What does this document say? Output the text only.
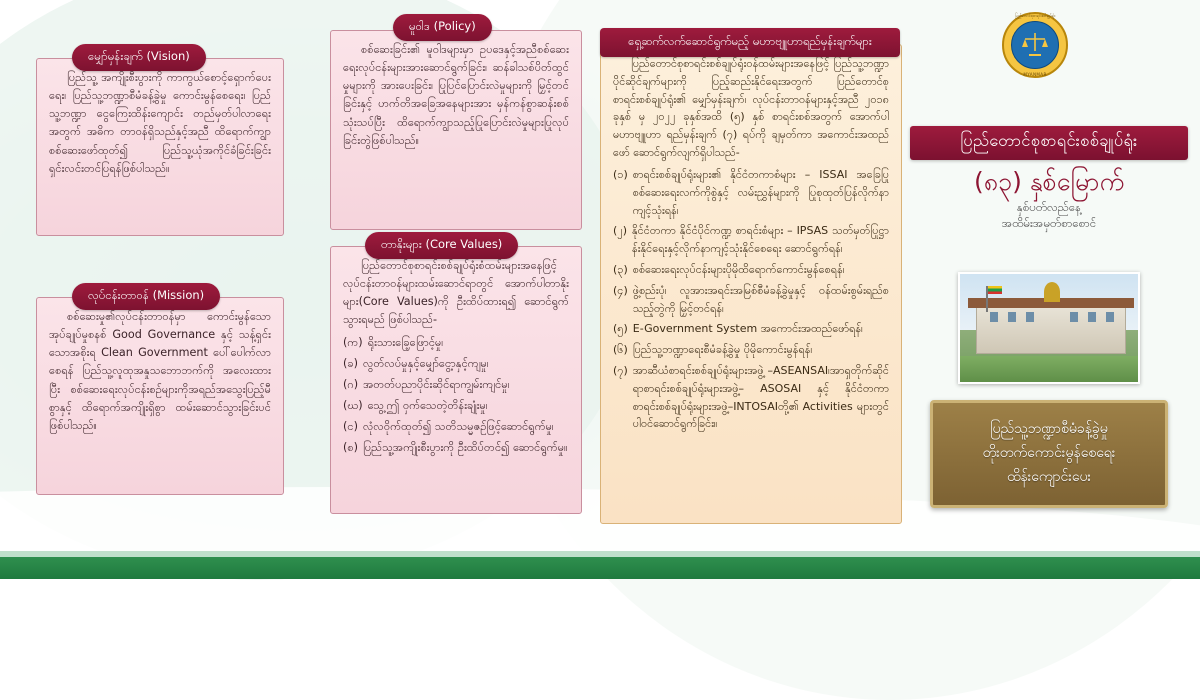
မျှော်မှန်းချက် (Vision)

ပြည်သူ့ အကျိုးစီးပွားကို ကာကွယ်စောင့်ရှောက်ပေးရေး၊ ပြည်သူ့ဘဏ္ဍာစီမံခန့်ခွဲမှု ကောင်းမွန်စေရေး၊ ပြည်သူ့ဘဏ္ဍာ ငွေကြေးထိန်းကျောင်း တည်မှတ်ပါလာရေးအတွက် အဓိက တာဝန်ရှိသည်နှင့်အညီ ထိရောက်ကျွာ စစ်ဆေးဖော်ထုတ်၍ ပြည်သူ့ယုံအကိုင်ခံခြင်းခြင်း ရှင်းလင်းတင်ပြရန်ဖြစ်ပါသည်။

လုပ်ငန်းတာဝန် (Mission)

စစ်ဆေးမှု၏လုပ်ငန်းတာဝန်မှာ ကောင်းမွန်သောအုပ်ချုပ်မှုစနစ် Good Governance နှင့် သန့်ရှင်းသောအစိုးရ Clean Government ပေါ်ပေါက်လာစေရန် ပြည်သူ့လူထုအနှုသဘောဘက်ကို အလေးထားပြီး စစ်ဆေးရေးလုပ်ငန်းစဉ်များကိုအရည်အသွေးပြည့်မီစွာနှင့် ထိရောက်အကျိုးရှိစွာ ထမ်းဆောင်သွားခြင်းပင်ဖြစ်ပါသည်။

မူဝါဒ (Policy)

စစ်ဆေးခြင်း၏ မူဝါဒများမှာ ဥပဒေနှင့်အညီစစ်ဆေးရေးလုပ်ငန်းများအားဆောင်ရွက်ခြင်း၊ ဆန်ခါသစ်ပိတ်ထွင်မှုများကို အားပေးခြင်း၊ ပြုပြင်ပြောင်းလဲမှုများကို မြှင့်တင်ခြင်းနှင့် ဟက်တိအခြေအနေများအား မှန်ကန်စွာဆန်းစစ်သုံးသပ်ပြီး ထိရောက်ကျွာသည့်ပြုပြောင်းလဲမှုများပြုလုပ်ခြင်းတွဲဖြစ်ပါသည်။

တာနိုးများ (Core Values)

ပြည်တောင်စုစာရင်းစစ်ချုပ်ရုံးစံထမ်းများအနေဖြင့် လုပ်ငန်းတာဝန်များထမ်းဆောင်ရာတွင် အောက်ပါတာနိုးများ(Core Values)ကို ဦးထိပ်ထားရ၍ ဆောင်ရွက်သွားရမည် ဖြစ်ပါသည်-

(က) ရိုးသားခြေ့ဖြောင့်မှု၊
(ခ) လွတ်လပ်မှုနှင့်မျှော်ငွေ့ာနှင့်ကျမှု၊
(ဂ) အတတ်ပညာပိုင်းဆိုင်ရာကျွမ်းကျင်မှု၊
(ဃ) သွေ့ဤ ဝှက်သေတဲ့တိန်းချုံးမှု၊
(င) လုံလဝိုက်ထုတ်၍ သတိသမ္မဇဉ်ဖြင့်ဆောင်ရွက်မှု၊
(စ) ပြည်သူ့အကျိုးစီးပွားကို ဦးထိပ်တင်၍ ဆောင်ရွက်မှု။
ရှေ့ဆက်လက်ဆောင်ရွက်မည့် မဟာဗျူဟာရည်မှန်းချက်များ

ပြည်တောင်စုစာရင်းစစ်ချုပ်ရုံးဝန်ထမ်းများအနေဖြင့် ပြည်သူ့ဘဏ္ဍာပိုင်ဆိုင်ချက်များကို ပြည့်ဆည်းနိုင်ရေးအတွက် ပြည်တောင်စုစာရင်းစစ်ချုပ်ရုံး၏ မျှော်မှန်းချက်၊ လုပ်ငန်းတာဝန်များနှင့်အညီ ၂၀၁၈ ခုနှစ် မှ ၂၀၂၂ ခုနှစ်အထိ (၅) နှစ် စာရင်းစစ်အတွက် အောက်ပါမဟာဗျူဟာ ရည်မှန်းချက် (၇) ရပ်ကို ချမှတ်ကာ အကောင်းအထည်ဖော် ဆောင်ရွက်လျက်ရှိပါသည်-

(၁) စာရင်းစစ်ချုပ်ရုံးများ၏ နိုင်ငံတကာစံများ – ISSAI အခြေပြုစစ်ဆေးရေးလက်ကိုစွဲနှင့် လမ်းညွှန်များကို ပြုစုထုတ်ပြန်လိုက်နာကျင့်သုံးရန်၊
(၂) နိုင်ငံတကာ နိုင်ငံပိုင်ကဏ္ဍ စာရင်းစံများ – IPSAS သတ်မှတ်ပြုဋ္ဌာန်းနိုင်ရေးနှင့်လိုက်နာကျင့်သုံးနိုင်စေရေး ဆောင်ရွက်ရန်၊
(၃) စစ်ဆေးရေးလုပ်ငန်းများပိုမိုထိရောက်ကောင်းမွန်စေရန်၊
(၄) ဖွဲ့စည်းပုံ၊ လူအားအရင်းအမြစ်စီမံခန့်ခွဲမှုနှင့် ဝန်ထမ်းစွမ်းရည်စသည့်တွဲကို မြှင့်တင်ရန်၊
(၅) E-Government System အကောင်းအထည်ဖော်ရန်၊
(၆) ပြည်သူ့ဘဏ္ဍာရေးစီမံခန့်ခွဲမှု ပိုမိုကောင်းမွန်ရန်၊
(၇) အာဆီယံစာရင်းစစ်ချုပ်ရုံးများအဖွဲ့ –ASEANSAI၊အာရှတိုက်ဆိုင်ရာစာရင်းစစ်ချုပ်ရုံးများအဖွဲ့– ASOSAI နှင့် နိုင်ငံတကာစာရင်းစစ်ချုပ်ရုံးများအဖွဲ့–INTOSAIတို့၏ Activities များတွင် ပါဝင်ဆောင်ရွက်ခြင်း။
ပြည်တောင်စုစာရင်းစစ်ချုပ်ရုံး
MYANMAR
ပြည်တောင်စုစာရင်းစစ်ချုပ်ရုံး
(၈၃) နှစ်မြောက်
နှစ်ပတ်လည်နေ့
အထိမ်းအမှတ်စာစောင်
ပြည်သူ့ဘဏ္ဍာစီမံခန့်ခွဲမှု
တိုးတက်ကောင်းမွန်စေရေး
ထိန်းကျောင်းပေး
